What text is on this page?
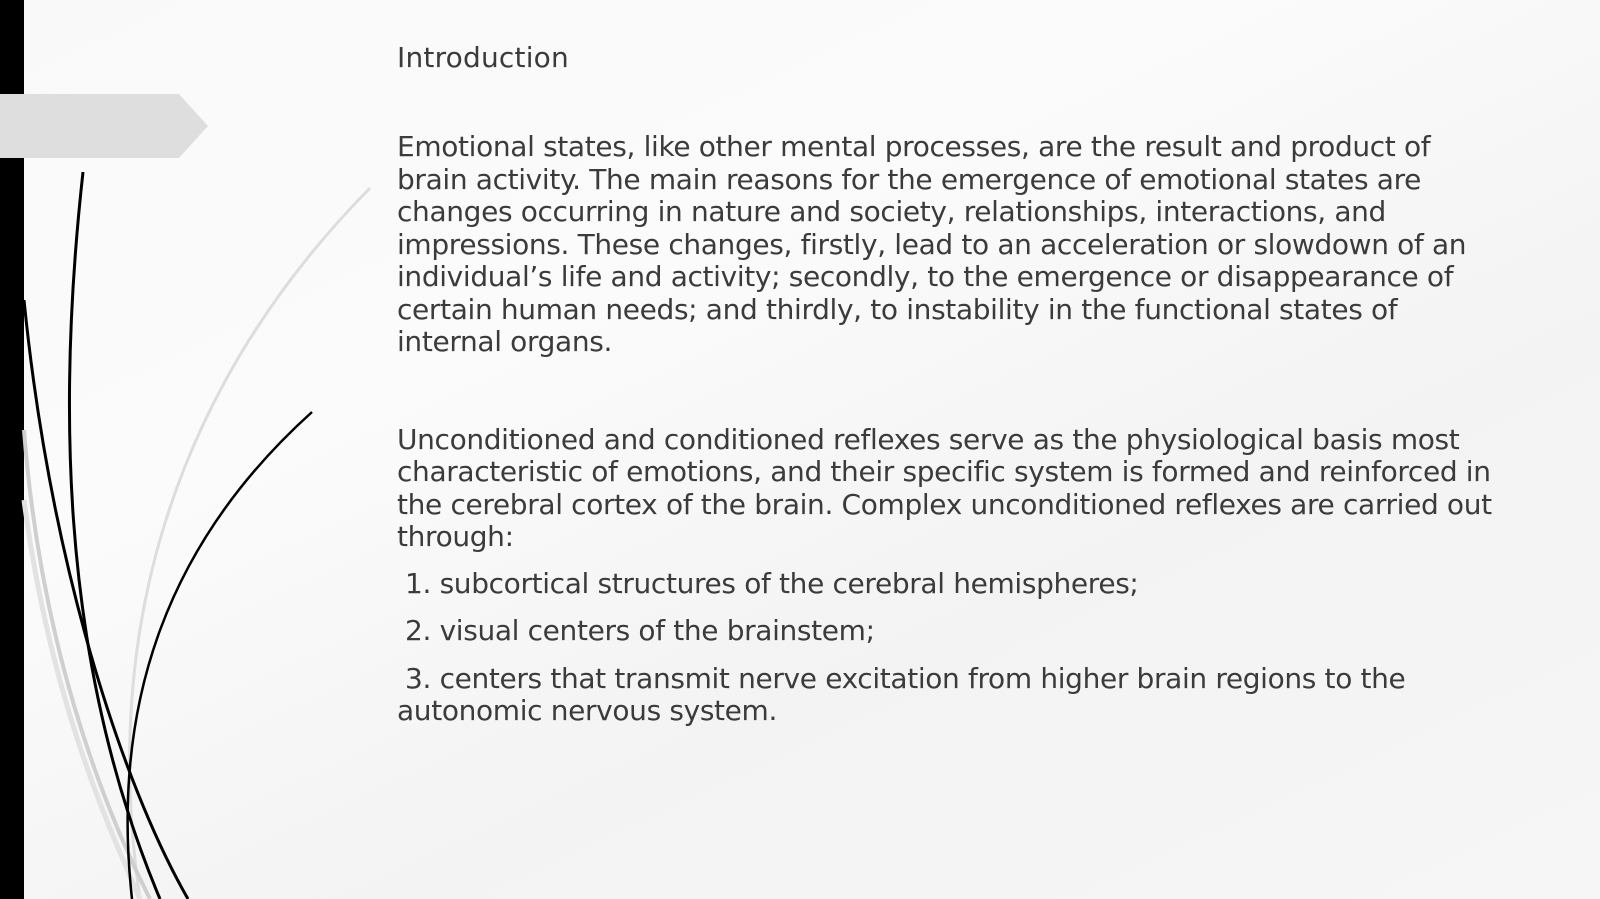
Introduction

Emotional states, like other mental processes, are the result and product of brain activity. The main reasons for the emergence of emotional states are changes occurring in nature and society, relationships, interactions, and impressions. These changes, firstly, lead to an acceleration or slowdown of an individual’s life and activity; secondly, to the emergence or disappearance of certain human needs; and thirdly, to instability in the functional states of internal organs.

Unconditioned and conditioned reflexes serve as the physiological basis most characteristic of emotions, and their specific system is formed and reinforced in the cerebral cortex of the brain. Complex unconditioned reflexes are carried out through:

1. subcortical structures of the cerebral hemispheres;
2. visual centers of the brainstem;
3. centers that transmit nerve excitation from higher brain regions to the autonomic nervous system.
